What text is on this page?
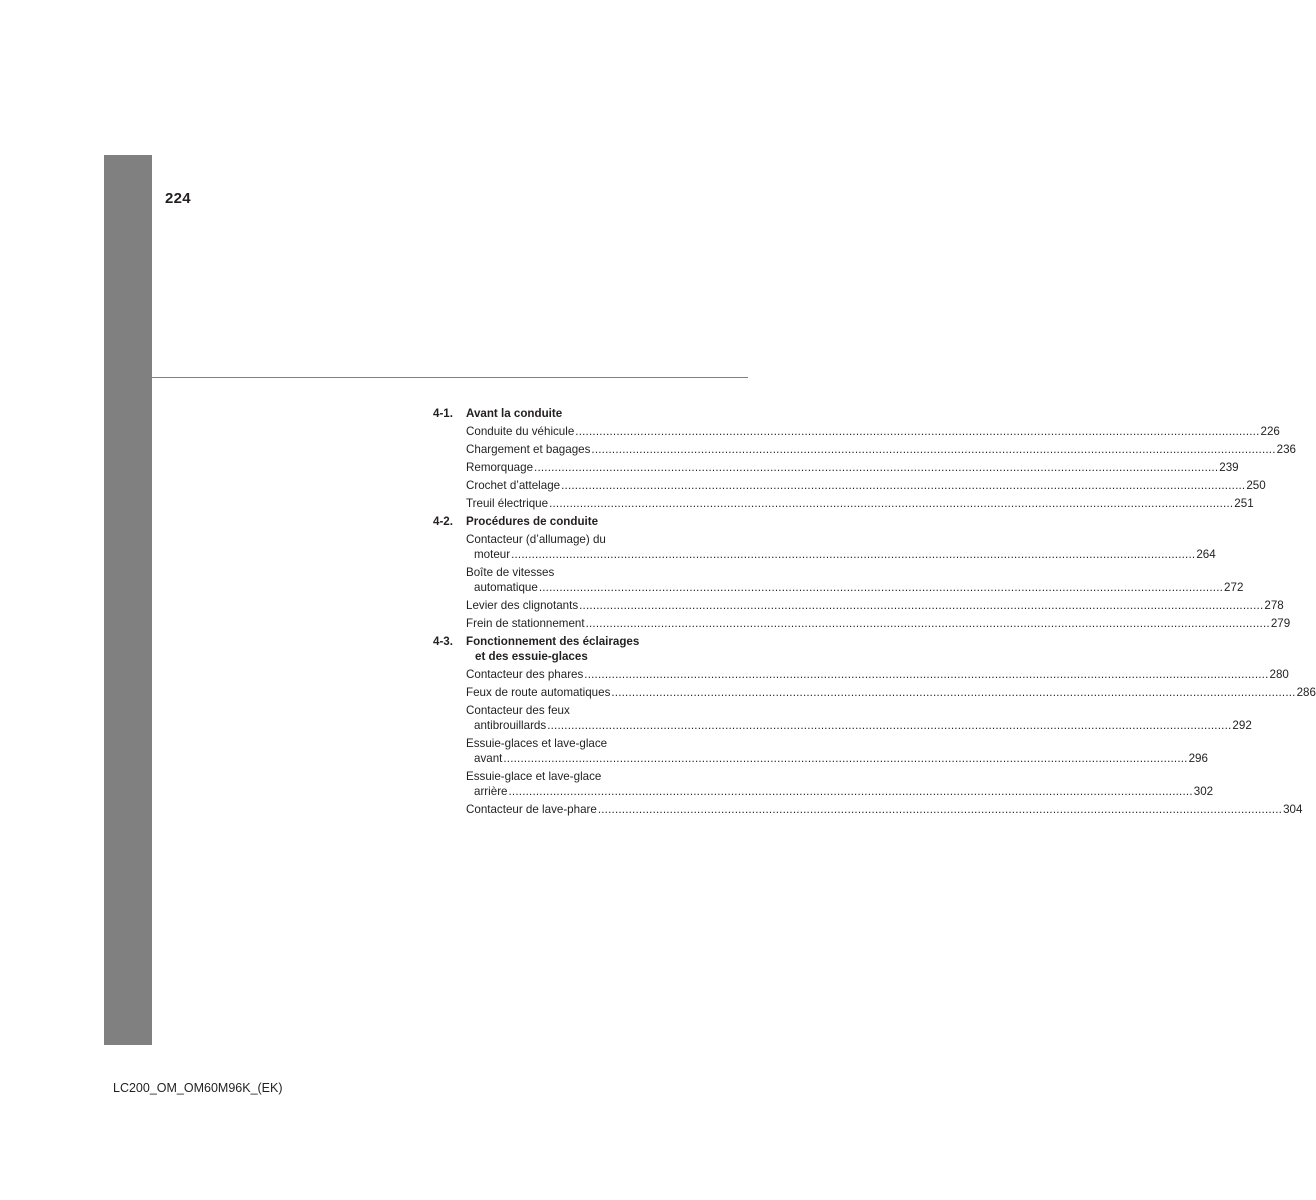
224
4-1.	Avant la conduite
Conduite du véhicule ........................................................................................................................................................................................................ 226
Chargement et bagages ........................................................................................................................................................................................................ 236
Remorquage ........................................................................................................................................................................................................ 239
Crochet d’attelage ........................................................................................................................................................................................................ 250
Treuil électrique ........................................................................................................................................................................................................ 251
4-2.	Procédures de conduite
Contacteur (d’allumage) du
moteur ........................................................................................................................................................................................................ 264
Boîte de vitesses
automatique ........................................................................................................................................................................................................ 272
Levier des clignotants ........................................................................................................................................................................................................ 278
Frein de stationnement ........................................................................................................................................................................................................ 279
4-3.	Fonctionnement des éclairages
et des essuie-glaces
Contacteur des phares ........................................................................................................................................................................................................ 280
Feux de route automatiques ........................................................................................................................................................................................................ 286
Contacteur des feux
antibrouillards ........................................................................................................................................................................................................ 292
Essuie-glaces et lave-glace
avant ........................................................................................................................................................................................................ 296
Essuie-glace et lave-glace
arrière ........................................................................................................................................................................................................ 302
Contacteur de lave-phare ........................................................................................................................................................................................................ 304
LC200_OM_OM60M96K_(EK)
